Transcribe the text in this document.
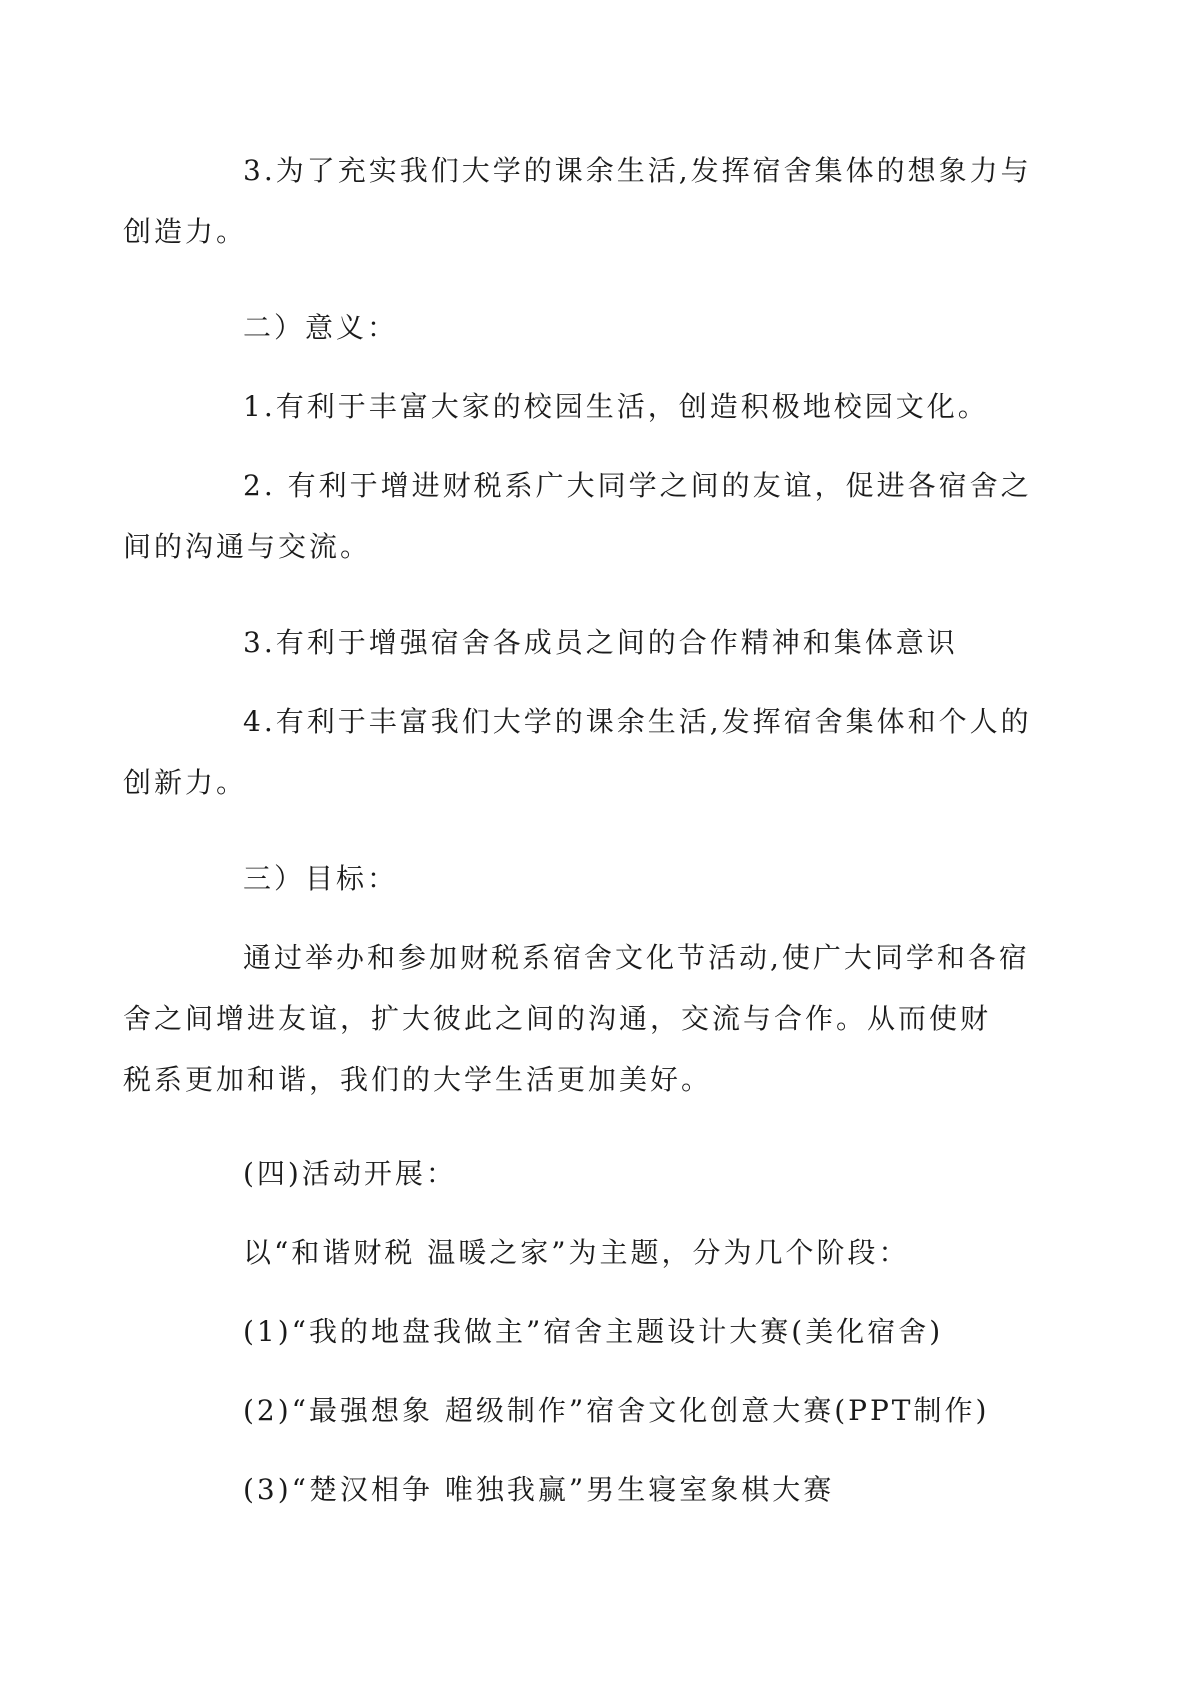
3.为了充实我们大学的课余生活,发挥宿舍集体的想象力与
创造力。

二）意义：

1.有利于丰富大家的校园生活，创造积极地校园文化。

2. 有利于增进财税系广大同学之间的友谊，促进各宿舍之
间的沟通与交流。

3.有利于增强宿舍各成员之间的合作精神和集体意识

4.有利于丰富我们大学的课余生活,发挥宿舍集体和个人的
创新力。

三）目标：

通过举办和参加财税系宿舍文化节活动,使广大同学和各宿
舍之间增进友谊，扩大彼此之间的沟通，交流与合作。从而使财
税系更加和谐，我们的大学生活更加美好。

(四)活动开展：

以“和谐财税 温暖之家”为主题，分为几个阶段：

(1)“我的地盘我做主”宿舍主题设计大赛(美化宿舍)

(2)“最强想象 超级制作”宿舍文化创意大赛(PPT制作)

(3)“楚汉相争 唯独我赢”男生寝室象棋大赛
